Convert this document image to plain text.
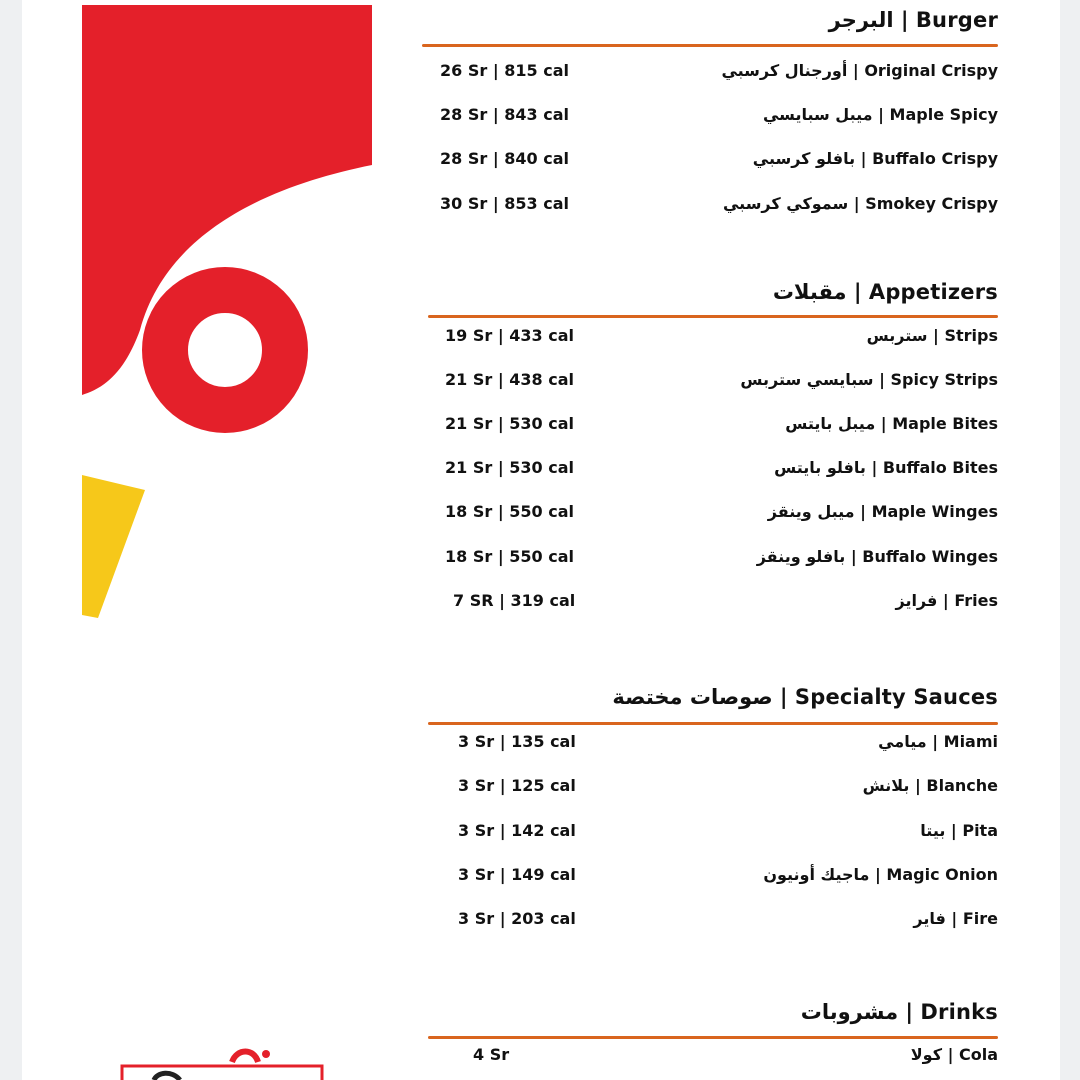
البرجر | Burger
أورجنال كرسبي | Original Crispy
26 Sr | 815 cal
ميبل سبايسي | Maple Spicy
28 Sr | 843 cal
بافلو كرسبي | Buffalo Crispy
28 Sr | 840 cal
سموكي كرسبي | Smokey Crispy
30 Sr | 853 cal
مقبلات | Appetizers
ستربس | Strips
19 Sr | 433 cal
سبايسي ستربس | Spicy Strips
21 Sr | 438 cal
ميبل بايتس | Maple Bites
21 Sr | 530 cal
بافلو بايتس | Buffalo Bites
21 Sr | 530 cal
ميبل وينقز | Maple Winges
18 Sr | 550 cal
بافلو وينقز | Buffalo Winges
18 Sr | 550 cal
فرايز | Fries
7 SR | 319 cal
صوصات مختصة | Specialty Sauces
ميامي | Miami
3 Sr | 135 cal
بلانش | Blanche
3 Sr | 125 cal
بيتا | Pita
3 Sr | 142 cal
ماجيك أونيون | Magic Onion
3 Sr | 149 cal
فاير | Fire
3 Sr | 203 cal
مشروبات | Drinks
كولا | Cola
4 Sr
